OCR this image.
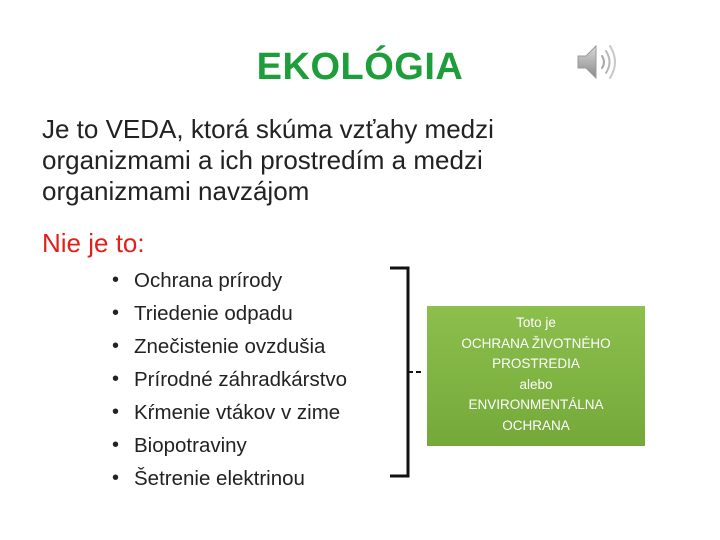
EKOLÓGIA
Je to VEDA, ktorá skúma vzťahy medzi
organizmami a ich prostredím a medzi
organizmami navzájom
Nie je to:
• Ochrana prírody
• Triedenie odpadu
• Znečistenie ovzdušia
• Prírodné záhradkárstvo
• Kŕmenie vtákov v zime
• Biopotraviny
• Šetrenie elektrinou
Toto je
OCHRANA ŽIVOTNÉHO
PROSTREDIA
alebo
ENVIRONMENTÁLNA
OCHRANA
